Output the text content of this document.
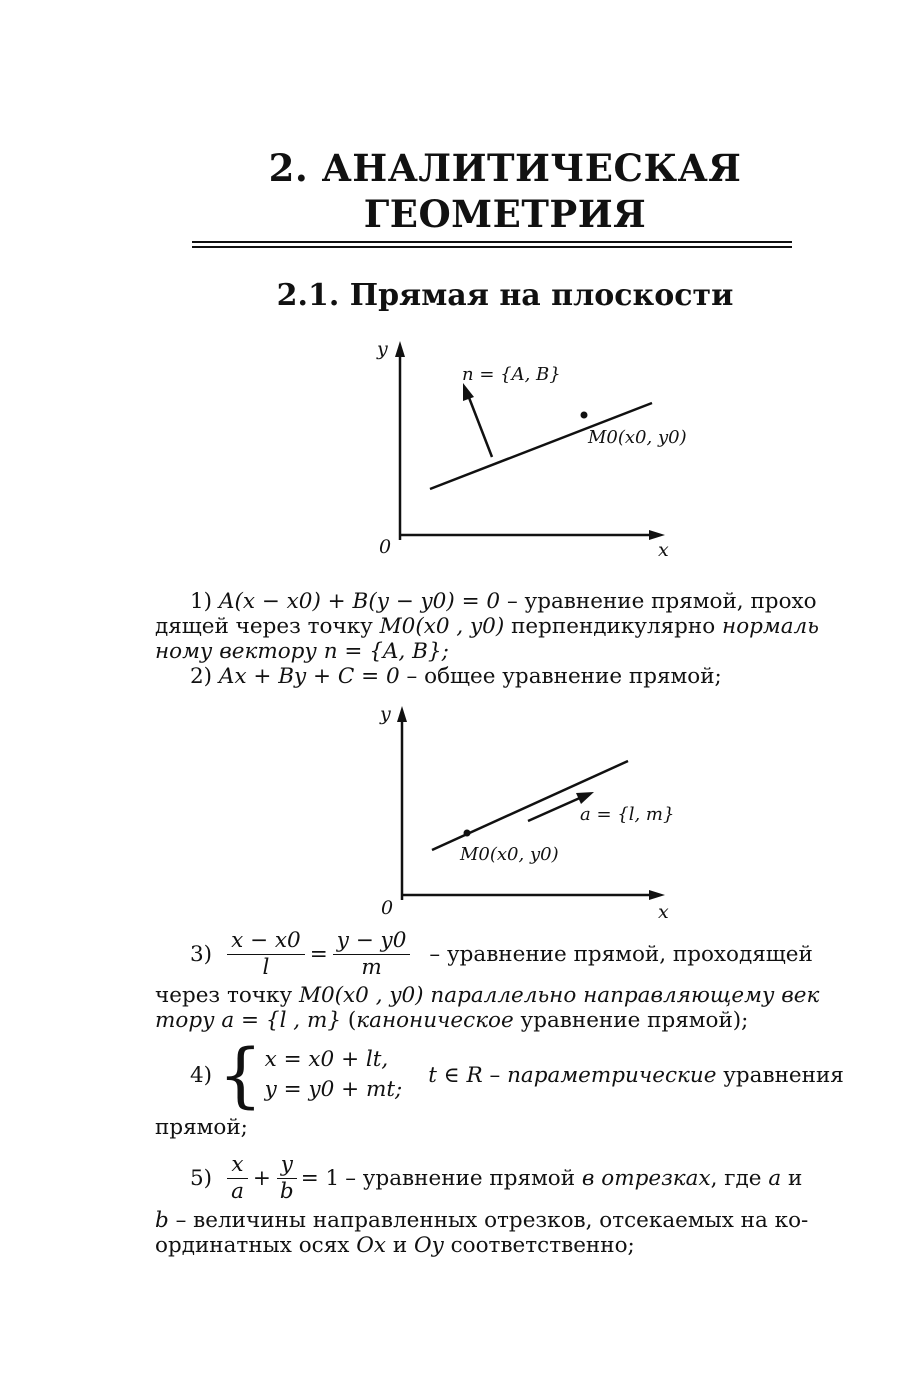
2. АНАЛИТИЧЕСКАЯ
ГЕОМЕТРИЯ
2.1. Прямая на плоскости
y
x
0
n = {A, B}
M0(x0, y0)
1) A(x − x0) + B(y − y0) = 0 – уравнение прямой, прохо
дящей через точку M0(x0 , y0) перпендикулярно нормаль
ному вектору n = {A, B};
2) Ax + By + C = 0 – общее уравнение прямой;
y
x
0
a = {l, m}
M0(x0, y0)
$3) \frac{x - x0}{l} = \frac{y - y0}{m}$ – уравнение прямой, проходящей
через точку M0(x0 , y0) параллельно направляющему век
тору a = {l , m} (каноническое уравнение прямой);
4) { x = x0 + lt,
y = y0 + mt;
t ∈ R – параметрические уравнения
прямой;
$5) \frac{x}{a} + \frac{y}{b} = 1$ – уравнение прямой в отрезках, где a и
b – величины направленных отрезков, отсекаемых на ко-
ординатных осях Ox и Oy соответственно;
